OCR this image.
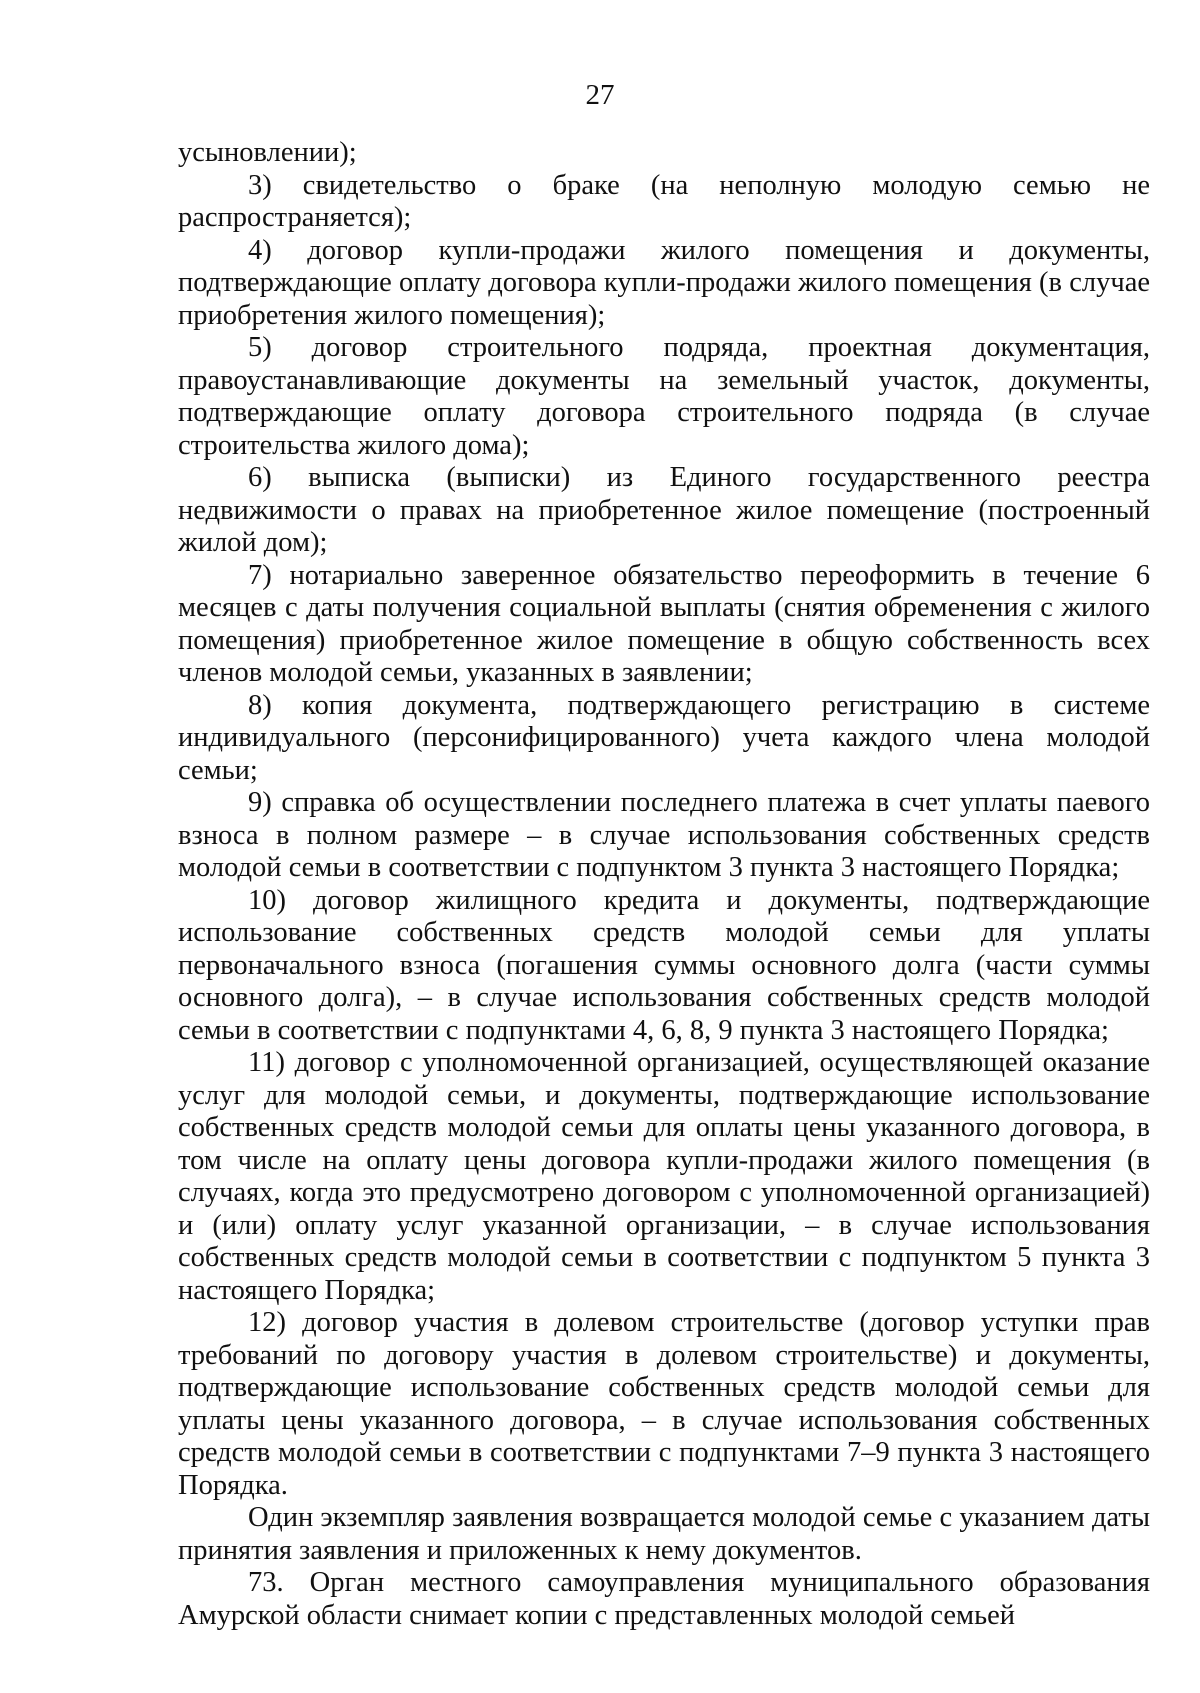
27

усыновлении);

3) свидетельство о браке (на неполную молодую семью не распространяется);

4) договор купли-продажи жилого помещения и документы, подтверждающие оплату договора купли-продажи жилого помещения (в случае приобретения жилого помещения);

5) договор строительного подряда, проектная документация, правоустанавливающие документы на земельный участок, документы, подтверждающие оплату договора строительного подряда (в случае строительства жилого дома);

6) выписка (выписки) из Единого государственного реестра недвижимости о правах на приобретенное жилое помещение (построенный жилой дом);

7) нотариально заверенное обязательство переоформить в течение 6 месяцев с даты получения социальной выплаты (снятия обременения с жилого помещения) приобретенное жилое помещение в общую собственность всех членов молодой семьи, указанных в заявлении;

8) копия документа, подтверждающего регистрацию в системе индивидуального (персонифицированного) учета каждого члена молодой семьи;

9) справка об осуществлении последнего платежа в счет уплаты паевого взноса в полном размере – в случае использования собственных средств молодой семьи в соответствии с подпунктом 3 пункта 3 настоящего Порядка;

10) договор жилищного кредита и документы, подтверждающие использование собственных средств молодой семьи для уплаты первоначального взноса (погашения суммы основного долга (части суммы основного долга), – в случае использования собственных средств молодой семьи в соответствии с подпунктами 4, 6, 8, 9 пункта 3 настоящего Порядка;

11) договор с уполномоченной организацией, осуществляющей оказание услуг для молодой семьи, и документы, подтверждающие использование собственных средств молодой семьи для оплаты цены указанного договора, в том числе на оплату цены договора купли-продажи жилого помещения (в случаях, когда это предусмотрено договором с уполномоченной организацией) и (или) оплату услуг указанной организации, – в случае использования собственных средств молодой семьи в соответствии с подпунктом 5 пункта 3 настоящего Порядка;

12) договор участия в долевом строительстве (договор уступки прав требований по договору участия в долевом строительстве) и документы, подтверждающие использование собственных средств молодой семьи для уплаты цены указанного договора, – в случае использования собственных средств молодой семьи в соответствии с подпунктами 7–9 пункта 3 настоящего Порядка.

Один экземпляр заявления возвращается молодой семье с указанием даты принятия заявления и приложенных к нему документов.

73. Орган местного самоуправления муниципального образования Амурской области снимает копии с представленных молодой семьей
